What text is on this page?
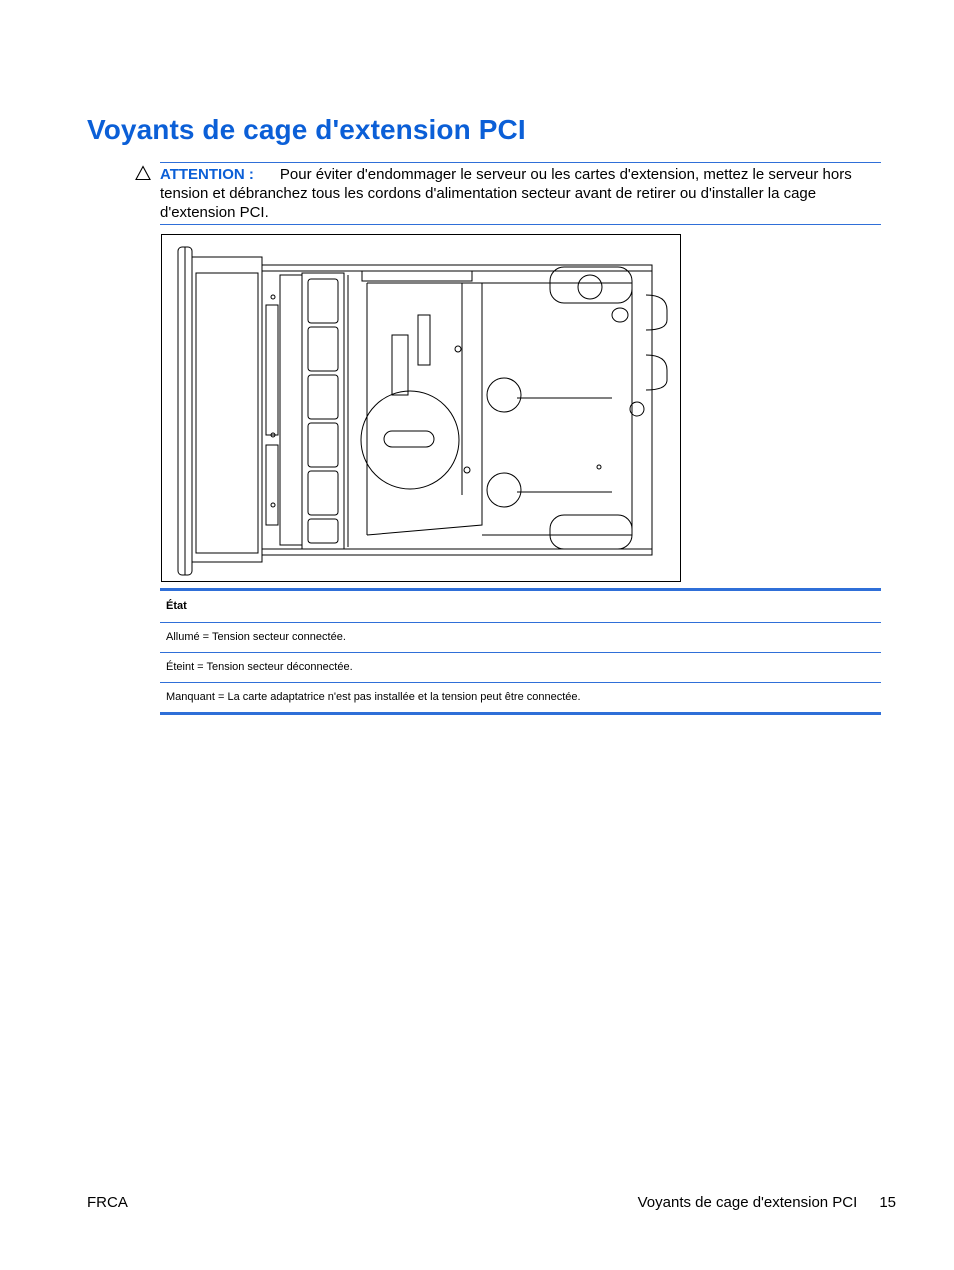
Voyants de cage d'extension PCI
ATTENTION : Pour éviter d'endommager le serveur ou les cartes d'extension, mettez le serveur hors tension et débranchez tous les cordons d'alimentation secteur avant de retirer ou d'installer la cage d'extension PCI.
État
Allumé = Tension secteur connectée.
Éteint = Tension secteur déconnectée.
Manquant = La carte adaptatrice n'est pas installée et la tension peut être connectée.
FRCA	Voyants de cage d'extension PCI 15
